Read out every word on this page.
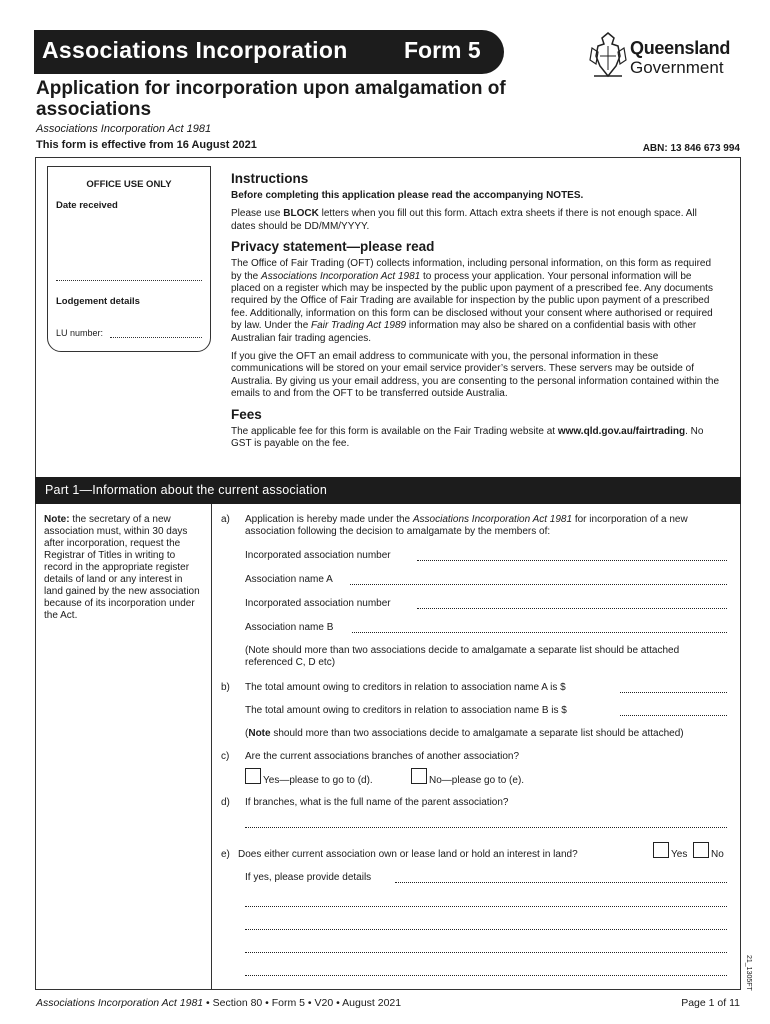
Associations Incorporation Form 5	Queensland
Government
Application for incorporation upon amalgamation of associations
Associations Incorporation Act 1981
This form is effective from 16 August 2021	ABN: 13 846 673 994
OFFICE USE ONLY
Date received
Lodgement details
LU number:
Instructions

Before completing this application please read the accompanying NOTES.

Please use BLOCK letters when you fill out this form. Attach extra sheets if there is not enough space. All dates should be DD/MM/YYYY.

Privacy statement—please read

The Office of Fair Trading (OFT) collects information, including personal information, on this form as required by the Associations Incorporation Act 1981 to process your application. Your personal information will be placed on a register which may be inspected by the public upon payment of a prescribed fee. Any documents required by the Office of Fair Trading are available for inspection by the public upon payment of a prescribed fee. Additionally, information on this form can be disclosed without your consent where authorised or required by law. Under the Fair Trading Act 1989 information may also be shared on a confidential basis with other Australian fair trading agencies.

If you give the OFT an email address to communicate with you, the personal information in these communications will be stored on your email service provider’s servers. These servers may be outside of Australia. By giving us your email address, you are consenting to the personal information contained within the emails to and from the OFT to be transferred outside Australia.

Fees

The applicable fee for this form is available on the Fair Trading website at www.qld.gov.au/fairtrading. No GST is payable on the fee.

Part 1—Information about the current association
Note: the secretary of a new association must, within 30 days after incorporation, request the Registrar of Titles in writing to record in the appropriate register details of land or any interest in land gained by the new association because of its incorporation under the Act.
a) Application is hereby made under the Associations Incorporation Act 1981 for incorporation of a new association following the decision to amalgamate by the members of:
Incorporated association number
Association name A
Incorporated association number
Association name B
(Note should more than two associations decide to amalgamate a separate list should be attached referenced C, D etc)
b) The total amount owing to creditors in relation to association name A is $
The total amount owing to creditors in relation to association name B is $
(Note should more than two associations decide to amalgamate a separate list should be attached)
c) Are the current associations branches of another association?
Yes—please to go to (d).	No—please go to (e).
d) If branches, what is the full name of the parent association?
e) Does either current association own or lease land or hold an interest in land?	Yes No
If yes, please provide details
21_1305FT
Associations Incorporation Act 1981 • Section 80 • Form 5 • V20 • August 2021	Page 1 of 11
